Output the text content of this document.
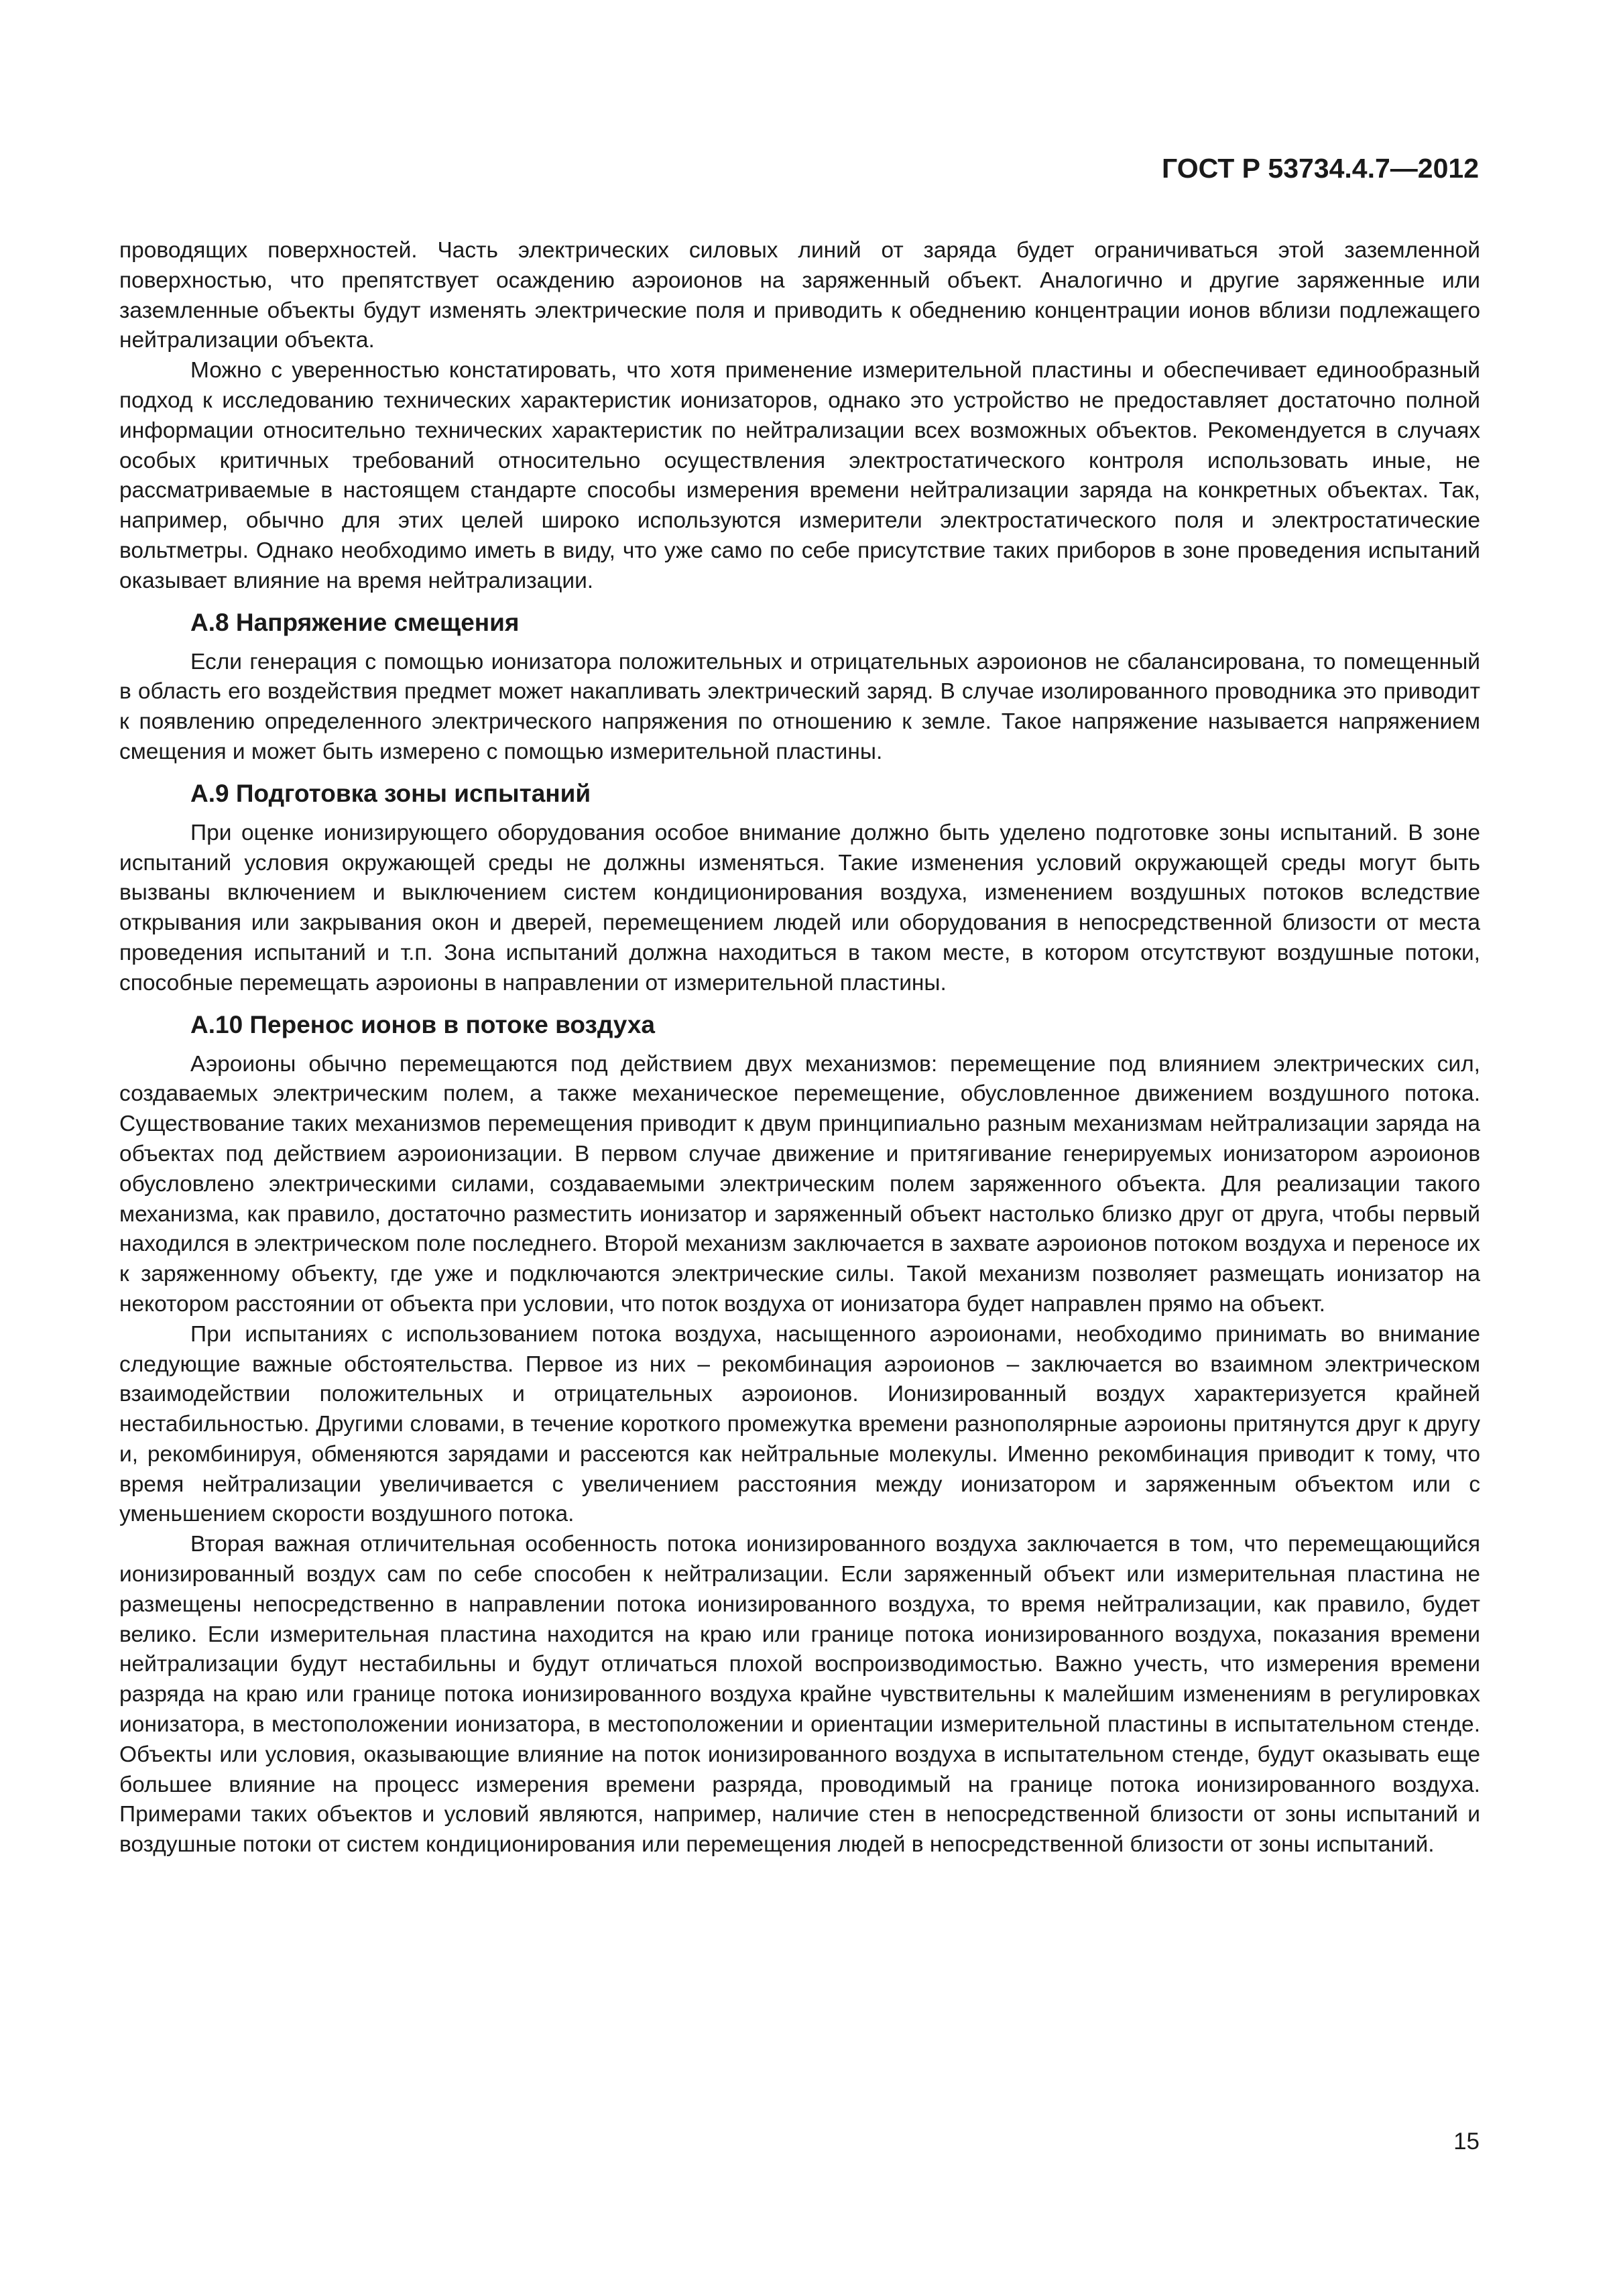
ГОСТ Р 53734.4.7—2012

проводящих поверхностей. Часть электрических силовых линий от заряда будет ограничиваться этой заземленной поверхностью, что препятствует осаждению аэроионов на заряженный объект. Аналогично и другие заряженные или заземленные объекты будут изменять электрические поля и приводить к обеднению концентрации ионов вблизи подлежащего нейтрализации объекта.

Можно с уверенностью констатировать, что хотя применение измерительной пластины и обеспечивает единообразный подход к исследованию технических характеристик ионизаторов, однако это устройство не предоставляет достаточно полной информации относительно технических характеристик по нейтрализации всех возможных объектов. Рекомендуется в случаях особых критичных требований относительно осуществления электростатического контроля использовать иные, не рассматриваемые в настоящем стандарте способы измерения времени нейтрализации заряда на конкретных объектах. Так, например, обычно для этих целей широко используются измерители электростатического поля и электростатические вольтметры. Однако необходимо иметь в виду, что уже само по себе присутствие таких приборов в зоне проведения испытаний оказывает влияние на время нейтрализации.

А.8 Напряжение смещения

Если генерация с помощью ионизатора положительных и отрицательных аэроионов не сбалансирована, то помещенный в область его воздействия предмет может накапливать электрический заряд. В случае изолированного проводника это приводит к появлению определенного электрического напряжения по отношению к земле. Такое напряжение называется напряжением смещения и может быть измерено с помощью измерительной пластины.

А.9 Подготовка зоны испытаний

При оценке ионизирующего оборудования особое внимание должно быть уделено подготовке зоны испытаний. В зоне испытаний условия окружающей среды не должны изменяться. Такие изменения условий окружающей среды могут быть вызваны включением и выключением систем кондиционирования воздуха, изменением воздушных потоков вследствие открывания или закрывания окон и дверей, перемещением людей или оборудования в непосредственной близости от места проведения испытаний и т.п. Зона испытаний должна находиться в таком месте, в котором отсутствуют воздушные потоки, способные перемещать аэроионы в направлении от измерительной пластины.

А.10 Перенос ионов в потоке воздуха

Аэроионы обычно перемещаются под действием двух механизмов: перемещение под влиянием электрических сил, создаваемых электрическим полем, а также механическое перемещение, обусловленное движением воздушного потока. Существование таких механизмов перемещения приводит к двум принципиально разным механизмам нейтрализации заряда на объектах под действием аэроионизации. В первом случае движение и притягивание генерируемых ионизатором аэроионов обусловлено электрическими силами, создаваемыми электрическим полем заряженного объекта. Для реализации такого механизма, как правило, достаточно разместить ионизатор и заряженный объект настолько близко друг от друга, чтобы первый находился в электрическом поле последнего. Второй механизм заключается в захвате аэроионов потоком воздуха и переносе их к заряженному объекту, где уже и подключаются электрические силы. Такой механизм позволяет размещать ионизатор на некотором расстоянии от объекта при условии, что поток воздуха от ионизатора будет направлен прямо на объект.

При испытаниях с использованием потока воздуха, насыщенного аэроионами, необходимо принимать во внимание следующие важные обстоятельства. Первое из них – рекомбинация аэроионов – заключается во взаимном электрическом взаимодействии положительных и отрицательных аэроионов. Ионизированный воздух характеризуется крайней нестабильностью. Другими словами, в течение короткого промежутка времени разнополярные аэроионы притянутся друг к другу и, рекомбинируя, обменяются зарядами и рассеются как нейтральные молекулы. Именно рекомбинация приводит к тому, что время нейтрализации увеличивается с увеличением расстояния между ионизатором и заряженным объектом или с уменьшением скорости воздушного потока.

Вторая важная отличительная особенность потока ионизированного воздуха заключается в том, что перемещающийся ионизированный воздух сам по себе способен к нейтрализации. Если заряженный объект или измерительная пластина не размещены непосредственно в направлении потока ионизированного воздуха, то время нейтрализации, как правило, будет велико. Если измерительная пластина находится на краю или границе потока ионизированного воздуха, показания времени нейтрализации будут нестабильны и будут отличаться плохой воспроизводимостью. Важно учесть, что измерения времени разряда на краю или границе потока ионизированного воздуха крайне чувствительны к малейшим изменениям в регулировках ионизатора, в местоположении ионизатора, в местоположении и ориентации измерительной пластины в испытательном стенде. Объекты или условия, оказывающие влияние на поток ионизированного воздуха в испытательном стенде, будут оказывать еще большее влияние на процесс измерения времени разряда, проводимый на границе потока ионизированного воздуха. Примерами таких объектов и условий являются, например, наличие стен в непосредственной близости от зоны испытаний и воздушные потоки от систем кондиционирования или перемещения людей в непосредственной близости от зоны испытаний.

15
